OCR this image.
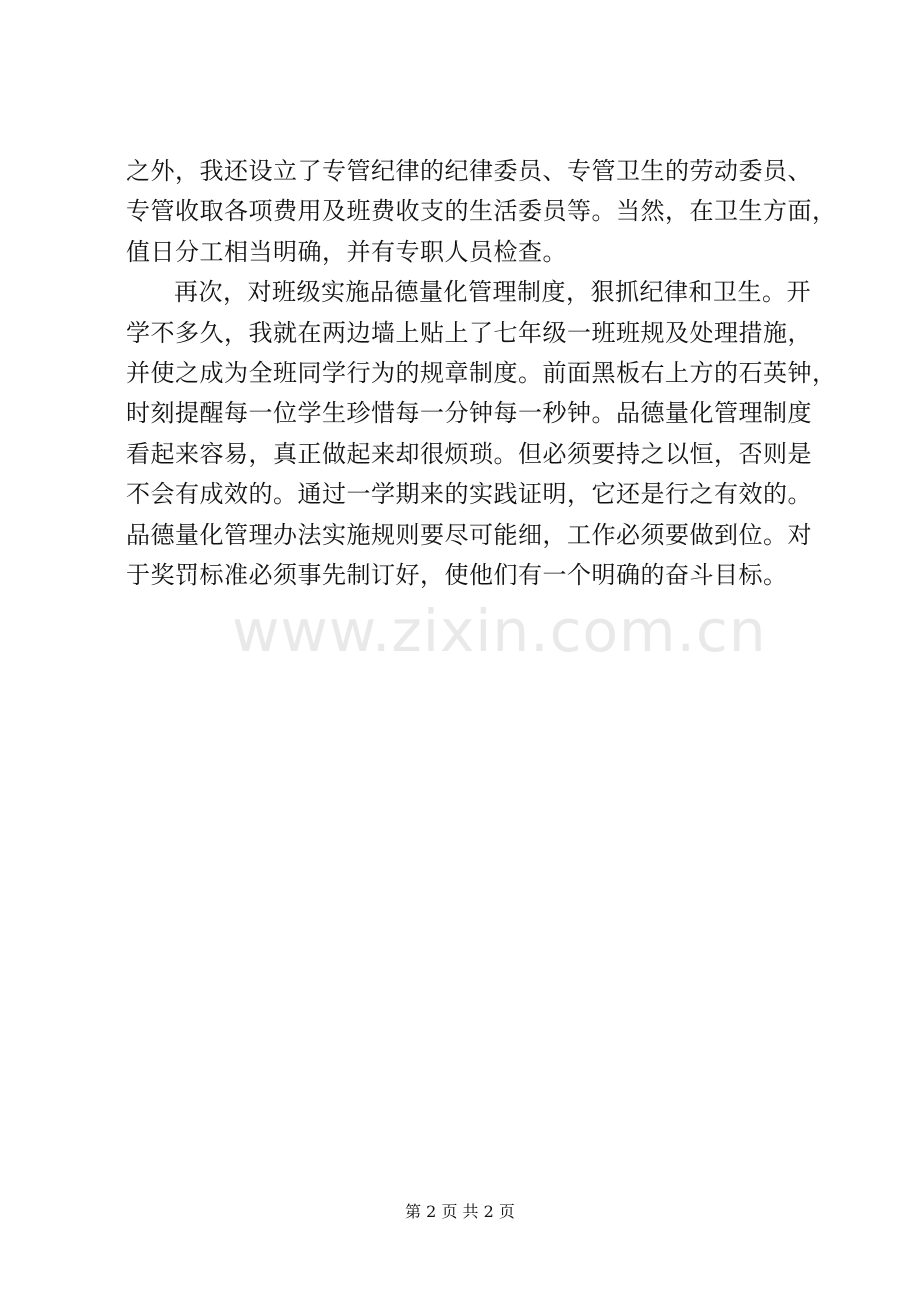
之外，我还设立了专管纪律的纪律委员、专管卫生的劳动委员、
专管收取各项费用及班费收支的生活委员等。当然，在卫生方面，
值日分工相当明确，并有专职人员检查。
再次，对班级实施品德量化管理制度，狠抓纪律和卫生。开
学不多久，我就在两边墙上贴上了七年级一班班规及处理措施，
并使之成为全班同学行为的规章制度。前面黑板右上方的石英钟，
时刻提醒每一位学生珍惜每一分钟每一秒钟。品德量化管理制度
看起来容易，真正做起来却很烦琐。但必须要持之以恒，否则是
不会有成效的。通过一学期来的实践证明，它还是行之有效的。
品德量化管理办法实施规则要尽可能细，工作必须要做到位。对
于奖罚标准必须事先制订好，使他们有一个明确的奋斗目标。
www.zixin.com.cn
第 2 页 共 2 页
